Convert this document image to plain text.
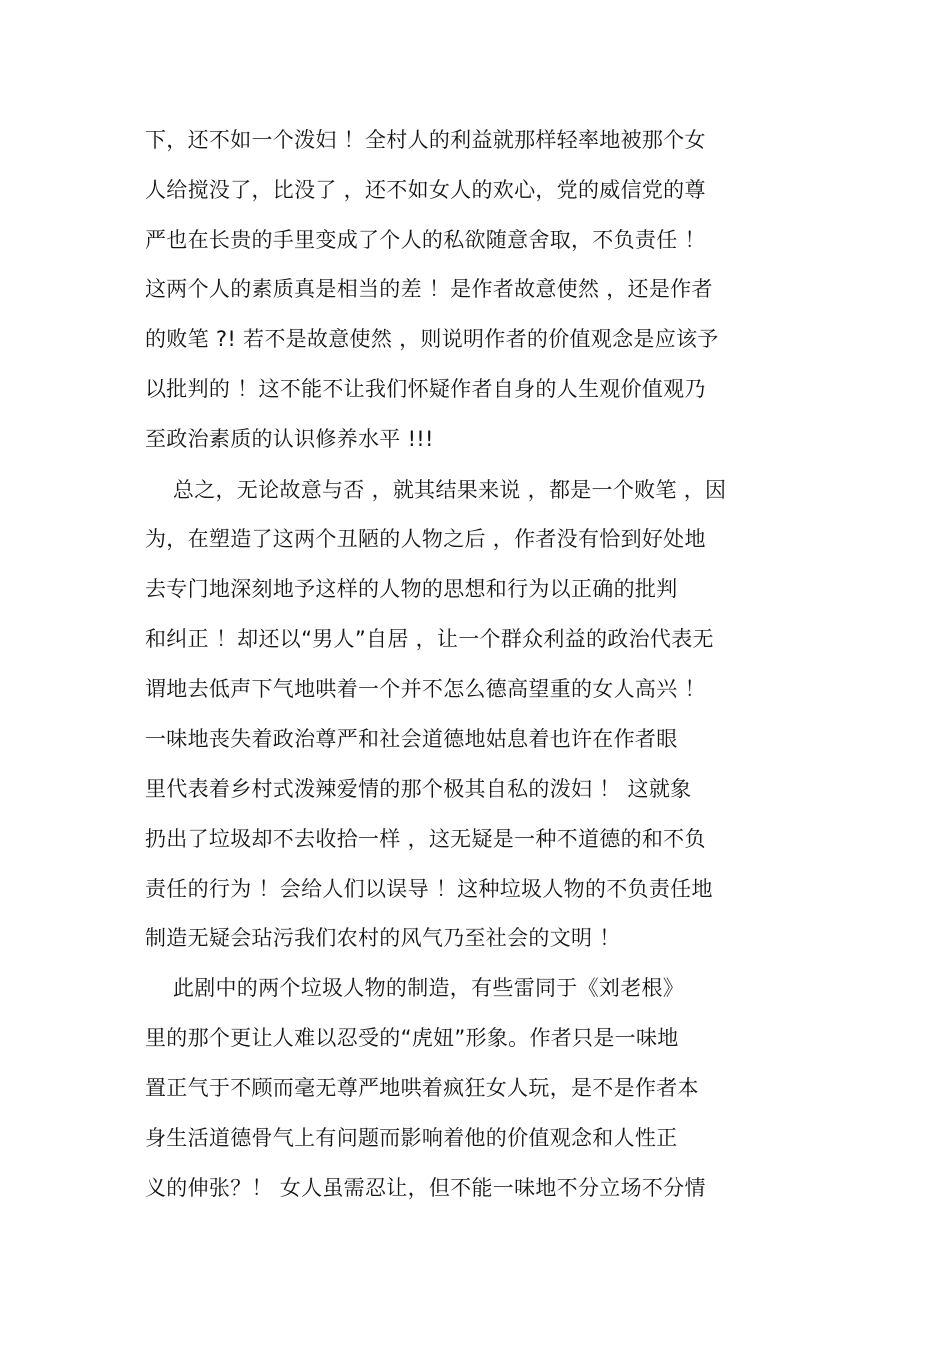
下，还不如一个泼妇 ！全村人的利益就那样轻率地被那个女
人给搅没了，比没了 ，还不如女人的欢心，党的威信党的尊
严也在长贵的手里变成了个人的私欲随意舍取，不负责任 ！
这两个人的素质真是相当的差 ！是作者故意使然 ，还是作者
的败笔 ?! 若不是故意使然 ，则说明作者的价值观念是应该予
以批判的 ！这不能不让我们怀疑作者自身的人生观价值观乃
至政治素质的认识修养水平 !!!
总之，无论故意与否 ，就其结果来说 ，都是一个败笔 ，因
为，在塑造了这两个丑陋的人物之后 ，作者没有恰到好处地
去专门地深刻地予这样的人物的思想和行为以正确的批判
和纠正 ！却还以“男人”自居 ，让一个群众利益的政治代表无
谓地去低声下气地哄着一个并不怎么德高望重的女人高兴 ！
一味地丧失着政治尊严和社会道德地姑息着也许在作者眼
里代表着乡村式泼辣爱情的那个极其自私的泼妇 ！ 这就象
扔出了垃圾却不去收拾一样 ，这无疑是一种不道德的和不负
责任的行为 ！会给人们以误导 ！这种垃圾人物的不负责任地
制造无疑会玷污我们农村的风气乃至社会的文明 ！
此剧中的两个垃圾人物的制造，有些雷同于《刘老根》
里的那个更让人难以忍受的“虎妞”形象。作者只是一味地
置正气于不顾而毫无尊严地哄着疯狂女人玩，是不是作者本
身生活道德骨气上有问题而影响着他的价值观念和人性正
义的伸张？！ 女人虽需忍让，但不能一味地不分立场不分情
